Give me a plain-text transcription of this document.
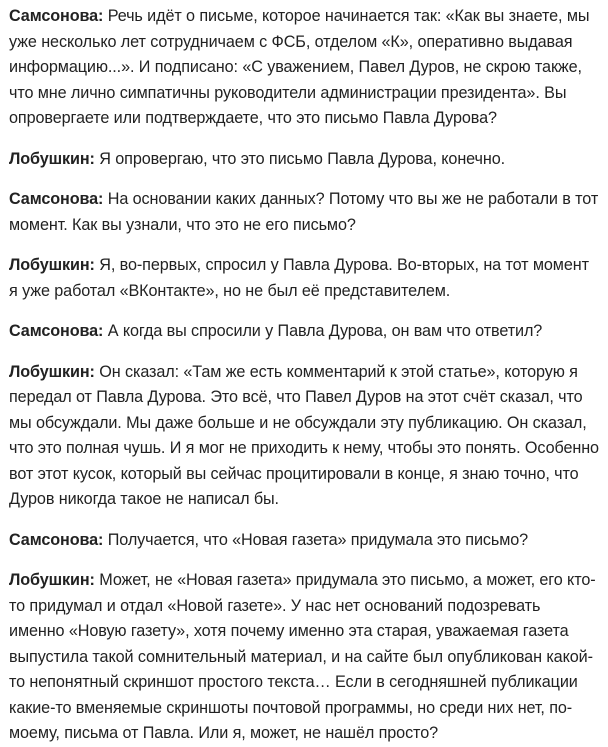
Самсонова: Речь идёт о письме, которое начинается так: «Как вы знаете, мы уже несколько лет сотрудничаем с ФСБ, отделом «К», оперативно выдавая информацию...». И подписано: «С уважением, Павел Дуров, не скрою также, что мне лично симпатичны руководители администрации президента». Вы опровергаете или подтверждаете, что это письмо Павла Дурова?

Лобушкин: Я опровергаю, что это письмо Павла Дурова, конечно.

Самсонова: На основании каких данных? Потому что вы же не работали в тот момент. Как вы узнали, что это не его письмо?

Лобушкин: Я, во-первых, спросил у Павла Дурова. Во-вторых, на тот момент я уже работал «ВКонтакте», но не был её представителем.

Самсонова: А когда вы спросили у Павла Дурова, он вам что ответил?

Лобушкин: Он сказал: «Там же есть комментарий к этой статье», которую я передал от Павла Дурова. Это всё, что Павел Дуров на этот счёт сказал, что мы обсуждали. Мы даже больше и не обсуждали эту публикацию. Он сказал, что это полная чушь. И я мог не приходить к нему, чтобы это понять. Особенно вот этот кусок, который вы сейчас процитировали в конце, я знаю точно, что Дуров никогда такое не написал бы.

Самсонова: Получается, что «Новая газета» придумала это письмо?

Лобушкин: Может, не «Новая газета» придумала это письмо, а может, его кто-то придумал и отдал «Новой газете». У нас нет оснований подозревать именно «Новую газету», хотя почему именно эта старая, уважаемая газета выпустила такой сомнительный материал, и на сайте был опубликован какой-то непонятный скриншот простого текста… Если в сегодняшней публикации какие-то вменяемые скриншоты почтовой программы, но среди них нет, по-моему, письма от Павла. Или я, может, не нашёл просто?
